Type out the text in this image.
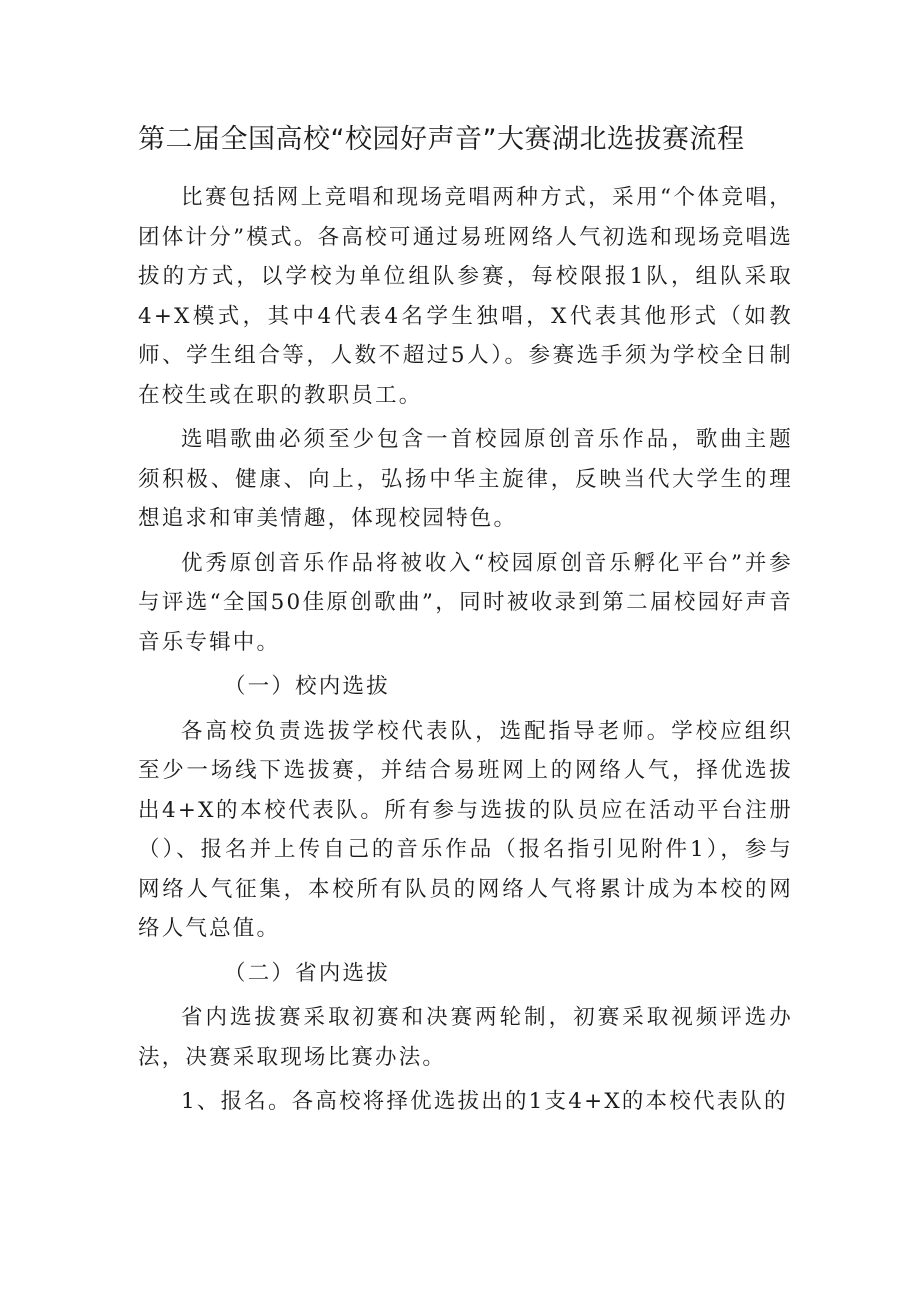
第二届全国高校“校园好声音”大赛湖北选拔赛流程

比赛包括网上竞唱和现场竞唱两种方式，采用“个体竞唱，团体计分”模式。各高校可通过易班网络人气初选和现场竞唱选拔的方式，以学校为单位组队参赛，每校限报1队，组队采取4+X模式，其中4代表4名学生独唱，X代表其他形式（如教师、学生组合等，人数不超过5人）。参赛选手须为学校全日制在校生或在职的教职员工。

选唱歌曲必须至少包含一首校园原创音乐作品，歌曲主题须积极、健康、向上，弘扬中华主旋律，反映当代大学生的理想追求和审美情趣，体现校园特色。

优秀原创音乐作品将被收入“校园原创音乐孵化平台”并参与评选“全国50佳原创歌曲”，同时被收录到第二届校园好声音音乐专辑中。

（一）校内选拔

各高校负责选拔学校代表队，选配指导老师。学校应组织至少一场线下选拔赛，并结合易班网上的网络人气，择优选拔出4+X的本校代表队。所有参与选拔的队员应在活动平台注册（）、报名并上传自己的音乐作品（报名指引见附件1），参与网络人气征集，本校所有队员的网络人气将累计成为本校的网络人气总值。

（二）省内选拔

省内选拔赛采取初赛和决赛两轮制，初赛采取视频评选办法，决赛采取现场比赛办法。

1、报名。各高校将择优选拔出的1支4+X的本校代表队的
